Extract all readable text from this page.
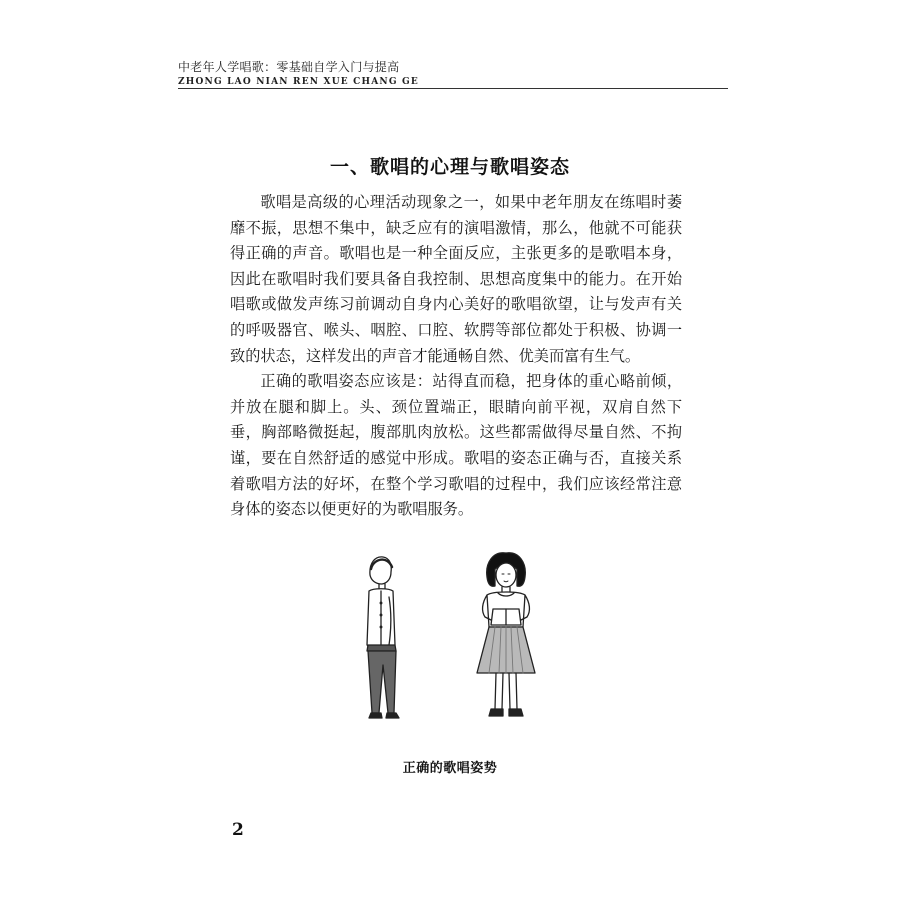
中老年人学唱歌：零基础自学入门与提高
ZHONG LAO NIAN REN XUE CHANG GE
一、歌唱的心理与歌唱姿态

歌唱是高级的心理活动现象之一，如果中老年朋友在练唱时萎靡不振，思想不集中，缺乏应有的演唱激情，那么，他就不可能获得正确的声音。歌唱也是一种全面反应，主张更多的是歌唱本身，因此在歌唱时我们要具备自我控制、思想高度集中的能力。在开始唱歌或做发声练习前调动自身内心美好的歌唱欲望，让与发声有关的呼吸器官、喉头、咽腔、口腔、软腭等部位都处于积极、协调一致的状态，这样发出的声音才能通畅自然、优美而富有生气。

正确的歌唱姿态应该是：站得直而稳，把身体的重心略前倾，并放在腿和脚上。头、颈位置端正，眼睛向前平视，双肩自然下垂，胸部略微挺起，腹部肌肉放松。这些都需做得尽量自然、不拘谨，要在自然舒适的感觉中形成。歌唱的姿态正确与否，直接关系着歌唱方法的好坏，在整个学习歌唱的过程中，我们应该经常注意身体的姿态以便更好的为歌唱服务。

正确的歌唱姿势
2
